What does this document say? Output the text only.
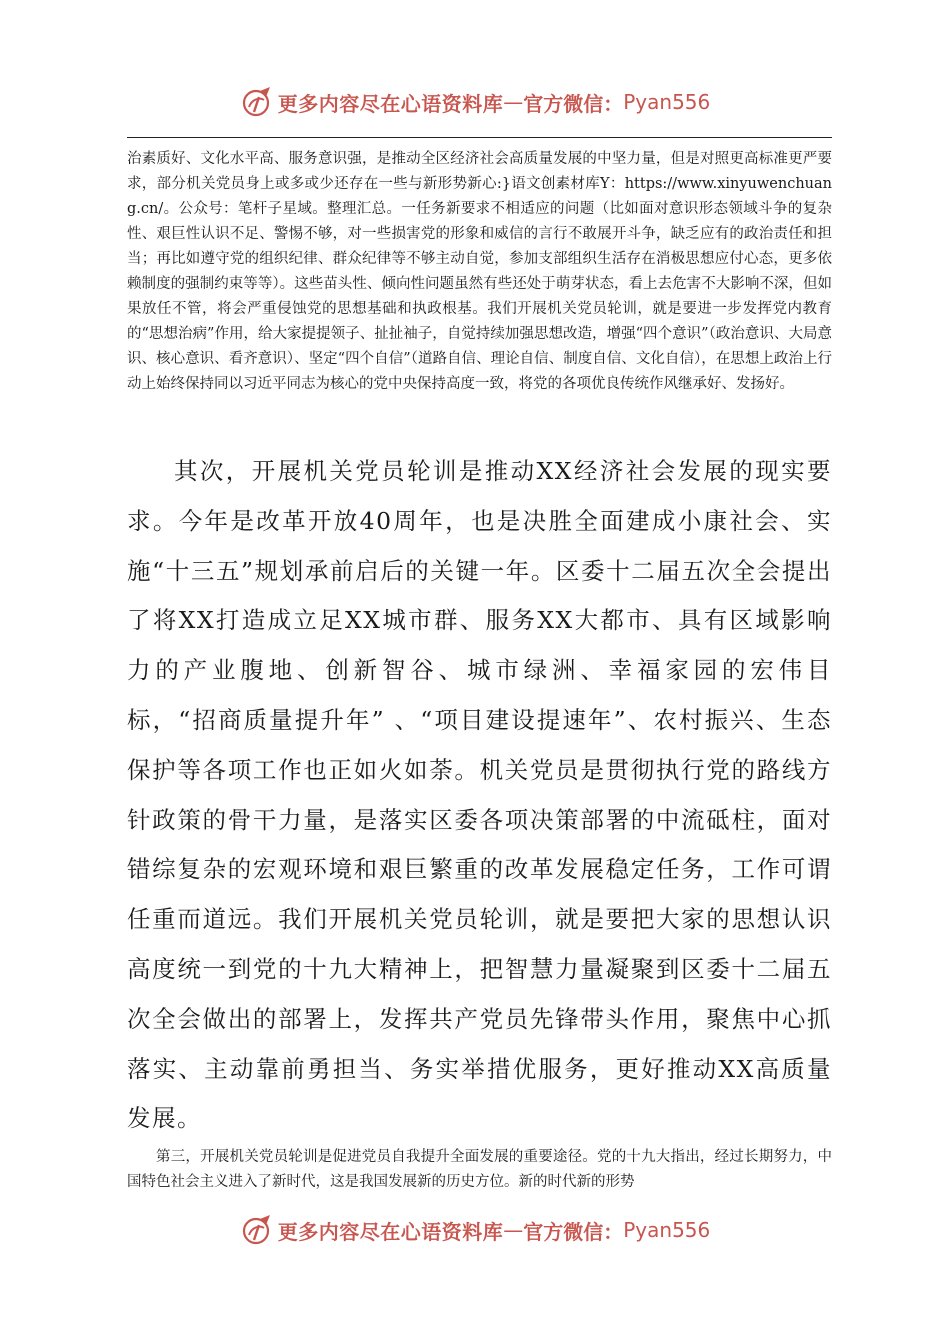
更多内容尽在心语资料库 — 官方微信： Pyan556

治素质好、文化水平高、服务意识强，是推动全区经济社会高质量发展的中坚力量，但是对照更高标准更严要求，部分机关党员身上或多或少还存在一些与新形势新心:}语文创素材库Y：https://www.xinyuwenchuang.cn/。公众号：笔杆子星域。整理汇总。一任务新要求不相适应的问题（比如面对意识形态领域斗争的复杂性、艰巨性认识不足、警惕不够，对一些损害党的形象和威信的言行不敢展开斗争，缺乏应有的政治责任和担当；再比如遵守党的组织纪律、群众纪律等不够主动自觉，参加支部组织生活存在消极思想应付心态，更多依赖制度的强制约束等等）。这些苗头性、倾向性问题虽然有些还处于萌芽状态，看上去危害不大影响不深，但如果放任不管，将会严重侵蚀党的思想基础和执政根基。我们开展机关党员轮训，就是要进一步发挥党内教育的“思想治病”作用，给大家提提领子、扯扯袖子，自觉持续加强思想改造，增强“四个意识”（政治意识、大局意识、核心意识、看齐意识）、坚定“四个自信”（道路自信、理论自信、制度自信、文化自信），在思想上政治上行动上始终保持同以习近平同志为核心的党中央保持高度一致，将党的各项优良传统作风继承好、发扬好。

其次，开展机关党员轮训是推动XX经济社会发展的现实要求。今年是改革开放40周年，也是决胜全面建成小康社会、实施“十三五”规划承前启后的关键一年。区委十二届五次全会提出了将XX打造成立足XX城市群、服务XX大都市、具有区域影响力的产业腹地、创新智谷、城市绿洲、幸福家园的宏伟目标，“招商质量提升年” 、“项目建设提速年”、农村振兴、生态保护等各项工作也正如火如荼。机关党员是贯彻执行党的路线方针政策的骨干力量，是落实区委各项决策部署的中流砥柱，面对错综复杂的宏观环境和艰巨繁重的改革发展稳定任务，工作可谓任重而道远。我们开展机关党员轮训，就是要把大家的思想认识高度统一到党的十九大精神上，把智慧力量凝聚到区委十二届五次全会做出的部署上，发挥共产党员先锋带头作用，聚焦中心抓落实、主动靠前勇担当、务实举措优服务，更好推动XX高质量发展。

第三，开展机关党员轮训是促进党员自我提升全面发展的重要途径。党的十九大指出，经过长期努力，中国特色社会主义进入了新时代，这是我国发展新的历史方位。新的时代新的形势

更多内容尽在心语资料库 — 官方微信： Pyan556
